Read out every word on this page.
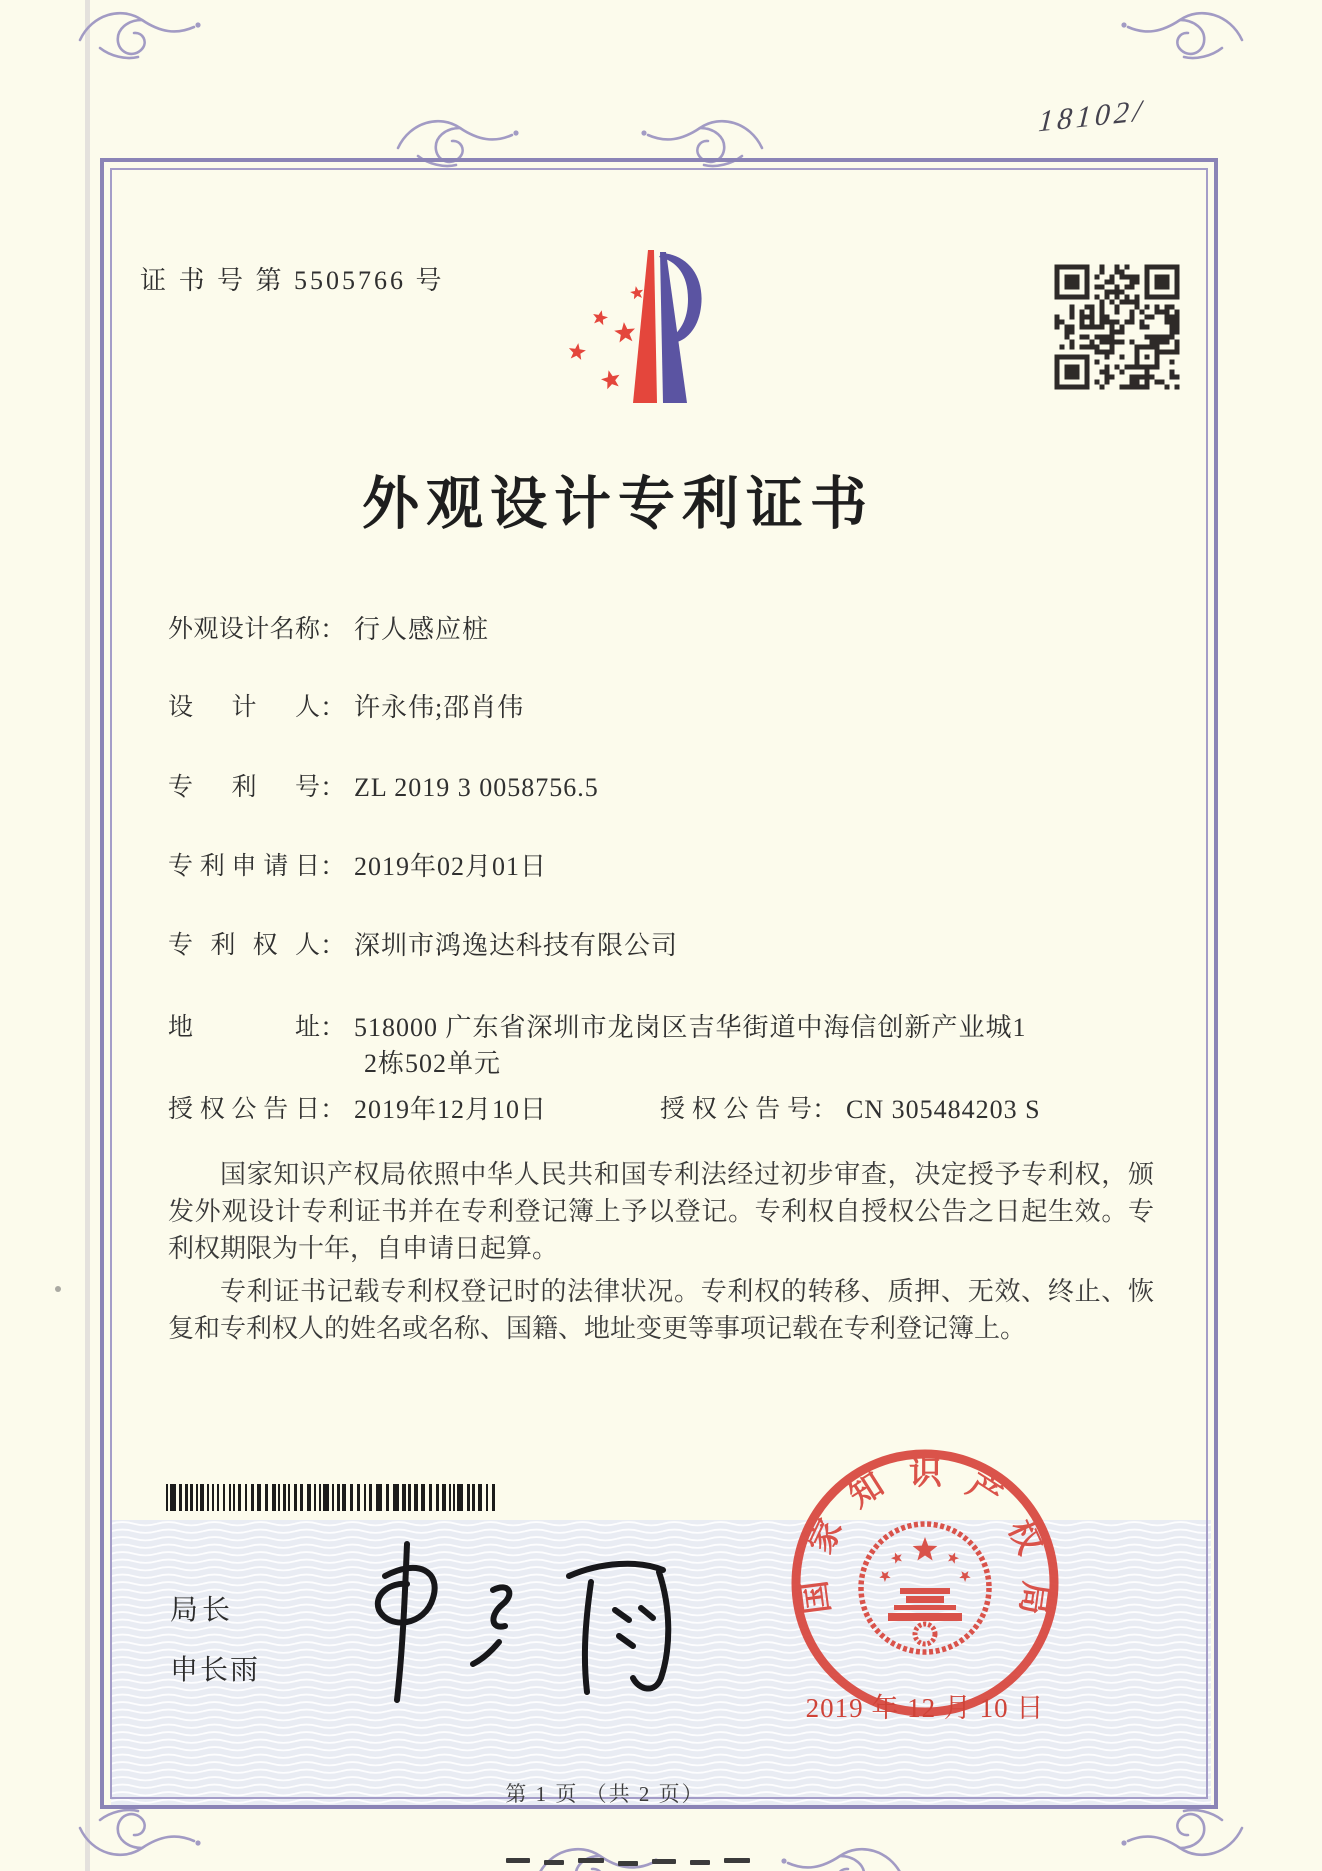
18102/
证 书 号 第 5505766 号
外观设计专利证书
外观设计名称： 行人感应桩
设计人： 许永伟;邵肖伟
专利号： ZL 2019 3 0058756.5
专利申请日： 2019年02月01日
专利权人： 深圳市鸿逸达科技有限公司
地址： 518000 广东省深圳市龙岗区吉华街道中海信创新产业城1
2栋502单元
授权公告日： 2019年12月10日	授权公告号： CN 305484203 S

国家知识产权局依照中华人民共和国专利法经过初步审查，决定授予专利权，颁发外观设计专利证书并在专利登记簿上予以登记。专利权自授权公告之日起生效。专利权期限为十年，自申请日起算。

专利证书记载专利权登记时的法律状况。专利权的转移、质押、无效、终止、恢复和专利权人的姓名或名称、国籍、地址变更等事项记载在专利登记簿上。

局长
申长雨
国家知识产权局
2019 年 12 月 10 日
第 1 页 （共 2 页）
